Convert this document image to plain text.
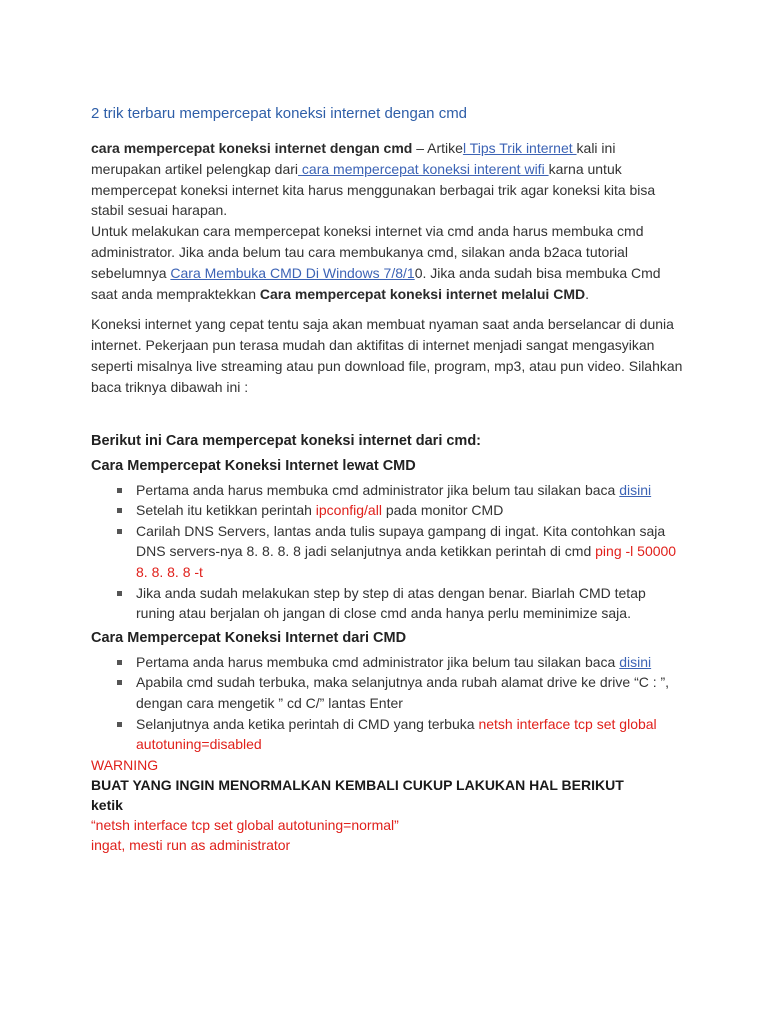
2 trik terbaru mempercepat koneksi internet dengan cmd

cara mempercepat koneksi internet dengan cmd – Artikel Tips Trik internet kali ini merupakan artikel pelengkap dari cara mempercepat koneksi interent wifi karna untuk mempercepat koneksi internet kita harus menggunakan berbagai trik agar koneksi kita bisa stabil sesuai harapan.
Untuk melakukan cara mempercepat koneksi internet via cmd anda harus membuka cmd administrator. Jika anda belum tau cara membukanya cmd, silakan anda b2aca tutorial sebelumnya Cara Membuka CMD Di Windows 7/8/10. Jika anda sudah bisa membuka Cmd saat anda mempraktekkan Cara mempercepat koneksi internet melalui CMD.

Koneksi internet yang cepat tentu saja akan membuat nyaman saat anda berselancar di dunia internet. Pekerjaan pun terasa mudah dan aktifitas di internet menjadi sangat mengasyikan seperti misalnya live streaming atau pun download file, program, mp3, atau pun video. Silahkan baca triknya dibawah ini :

Berikut ini Cara mempercepat koneksi internet dari cmd:
Cara Mempercepat Koneksi Internet lewat CMD
Pertama anda harus membuka cmd administrator jika belum tau silakan baca disini
Setelah itu ketikkan perintah ipconfig/all pada monitor CMD
Carilah DNS Servers, lantas anda tulis supaya gampang di ingat. Kita contohkan saja DNS servers-nya 8. 8. 8. 8 jadi selanjutnya anda ketikkan perintah di cmd ping -l 50000 8. 8. 8. 8 -t
Jika anda sudah melakukan step by step di atas dengan benar. Biarlah CMD tetap runing atau berjalan oh jangan di close cmd anda hanya perlu meminimize saja.
Cara Mempercepat Koneksi Internet dari CMD
Pertama anda harus membuka cmd administrator jika belum tau silakan baca disini
Apabila cmd sudah terbuka, maka selanjutnya anda rubah alamat drive ke drive “C : ”, dengan cara mengetik ” cd C/” lantas Enter
Selanjutnya anda ketika perintah di CMD yang terbuka netsh interface tcp set global autotuning=disabled

WARNING

BUAT YANG INGIN MENORMALKAN KEMBALI CUKUP LAKUKAN HAL BERIKUT

ketik

“netsh interface tcp set global autotuning=normal”

ingat, mesti run as administrator
